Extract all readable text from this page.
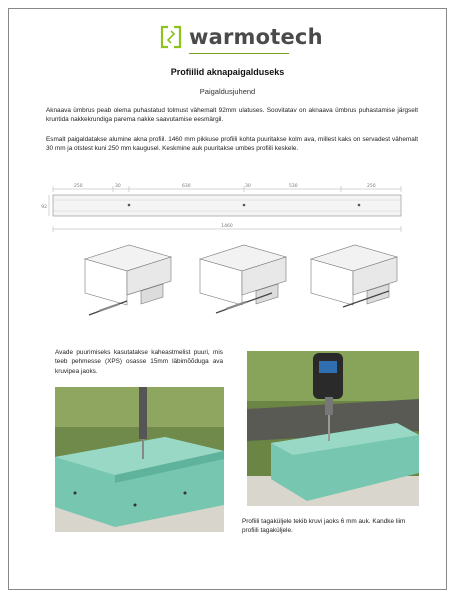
warmotech
Profiilid aknapaigalduseks
Paigaldusjuhend
Aknaava ümbrus peab olema puhastatud tolmust vähemalt 92mm ulatuses. Soovitatav on aknaava ümbrus puhastamise järgselt kruntida nakkekrundiga parema nakke saavutamise eesmärgil.
Esmalt paigaldatakse alumine akna profiil. 1460 mm pikkuse profiili kohta puuritakse kolm ava, millest kaks on servadest vähemalt 30 mm ja otstest kuni 250 mm kaugusel. Keskmine auk puuritakse umbes profiili keskele.
250	30	630	30	530	250
92
1460
Avade puurimiseks kasutatakse kaheastmelist puuri, mis teeb pehmesse (XPS) osasse 15mm läbimõõduga ava kruvipea jaoks.
Profiili tagaküljele tekib kruvi jaoks 6 mm auk. Kandke liim profiili tagaküljele.
